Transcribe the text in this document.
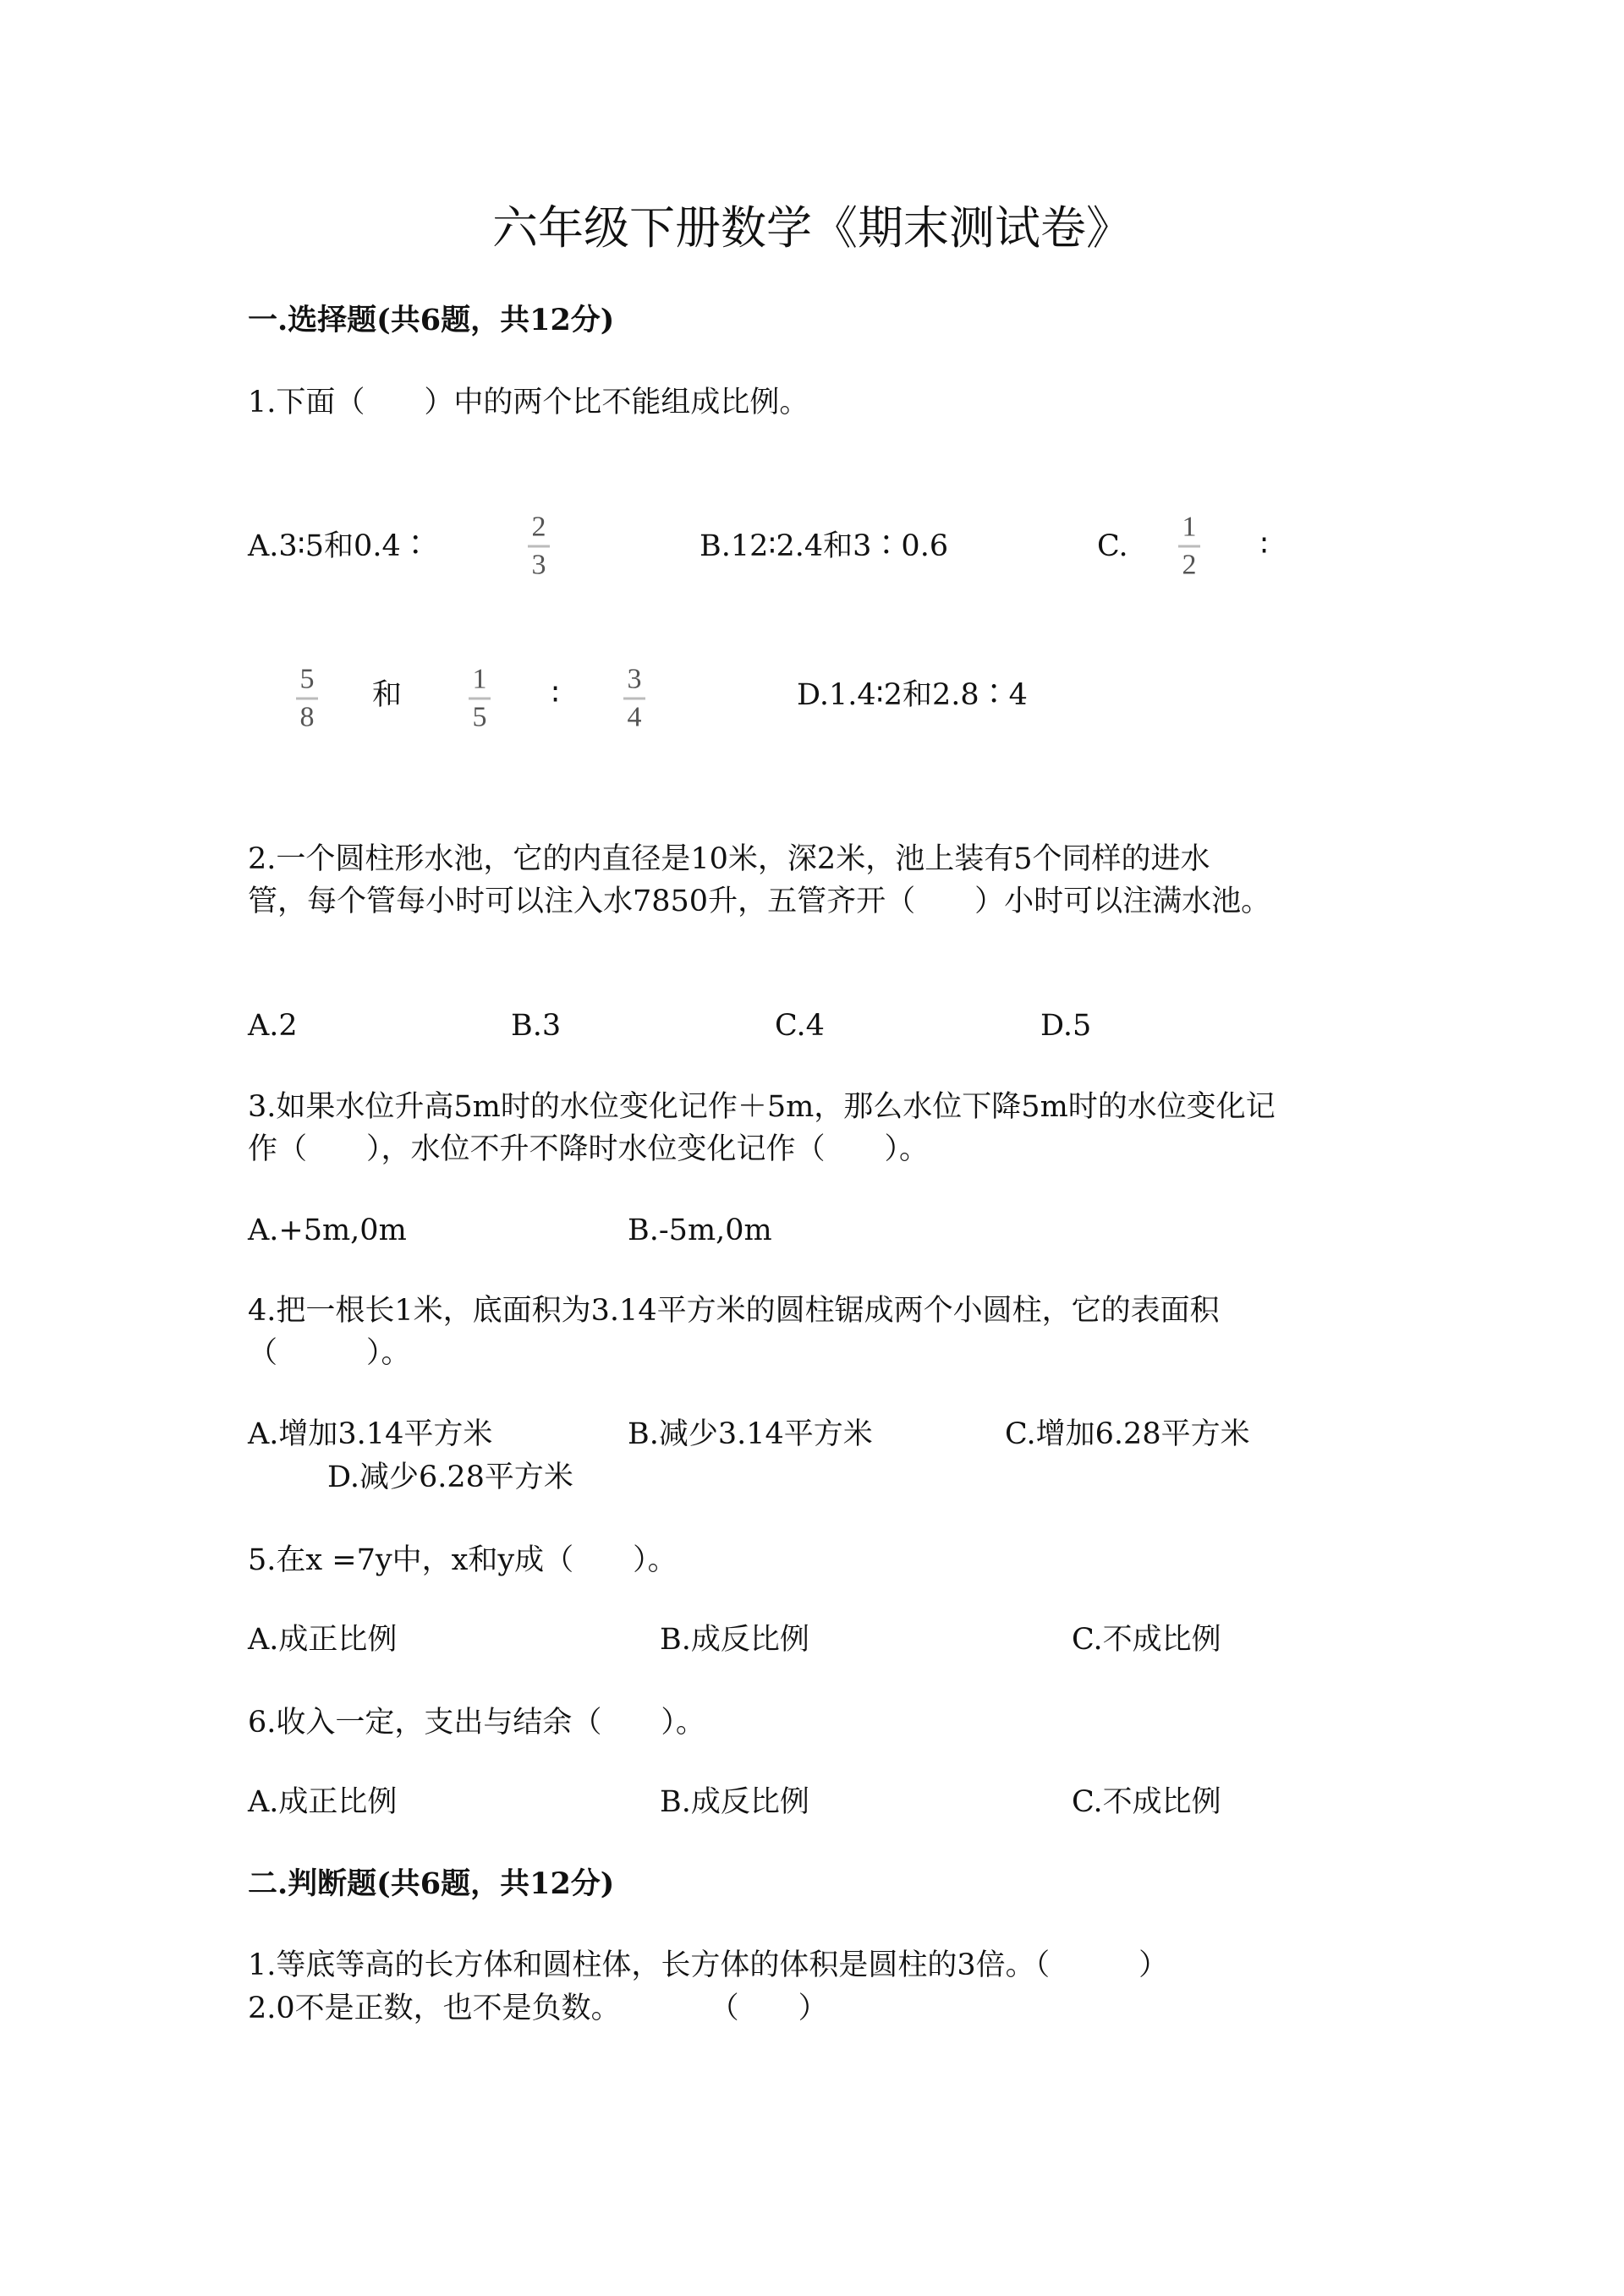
六年级下册数学《期末测试卷》
一.选择题(共6题，共12分)
1.下面（　　）中的两个比不能组成比例。
A.3∶5和0.4∶
2
3
B.12∶2.4和3∶0.6	C.
1
2
∶
5
8
和 1
5
∶ 3
4
D.1.4∶2和2.8∶4
2.一个圆柱形水池，它的内直径是10米，深2米，池上装有5个同样的进水
管，每个管每小时可以注入水7850升，五管齐开（　　）小时可以注满水池。
A.2	B.3	C.4	D.5
3.如果水位升高5m时的水位变化记作＋5m，那么水位下降5m时的水位变化记
作（　　），水位不升不降时水位变化记作（　　）。
A.+5m,0m	B.-5m,0m
4.把一根长1米，底面积为3.14平方米的圆柱锯成两个小圆柱，它的表面积
（　　　）。
A.增加3.14平方米	B.减少3.14平方米	C.增加6.28平方米
D.减少6.28平方米
5.在x =7y中，x和y成（　　）。
A.成正比例	B.成反比例	C.不成比例
6.收入一定，支出与结余（　　）。
A.成正比例	B.成反比例	C.不成比例
二.判断题(共6题，共12分)
1.等底等高的长方体和圆柱体，长方体的体积是圆柱的3倍。（　　　）
2.0不是正数，也不是负数。　　　　（　　）
